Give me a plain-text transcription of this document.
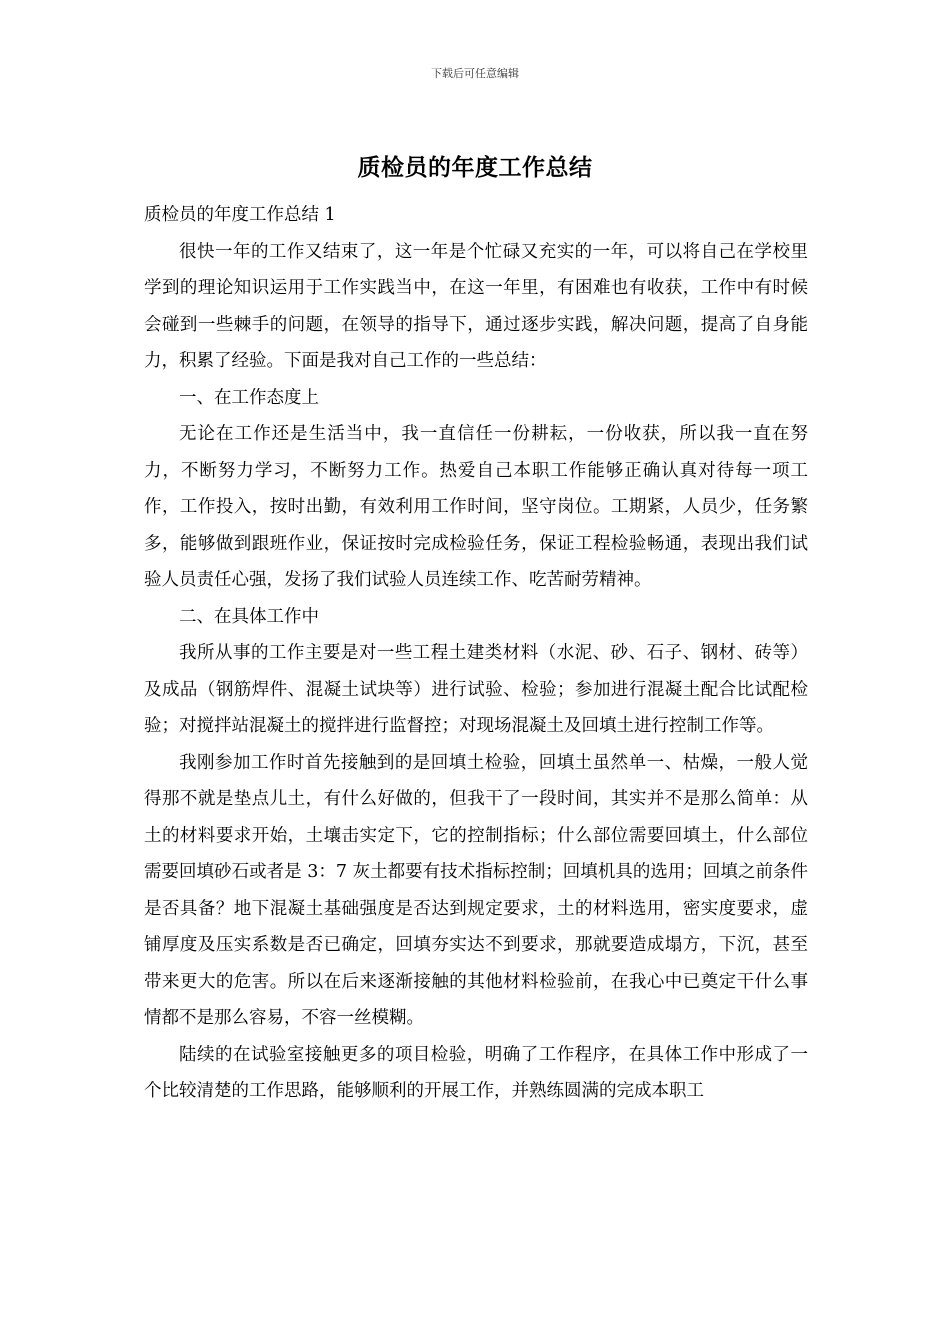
下载后可任意编辑
质检员的年度工作总结

质检员的年度工作总结 1

很快一年的工作又结束了，这一年是个忙碌又充实的一年，可以将自己在学校里学到的理论知识运用于工作实践当中，在这一年里，有困难也有收获，工作中有时候会碰到一些棘手的问题，在领导的指导下，通过逐步实践，解决问题，提高了自身能力，积累了经验。下面是我对自己工作的一些总结：

一、在工作态度上

无论在工作还是生活当中，我一直信任一份耕耘，一份收获，所以我一直在努力，不断努力学习，不断努力工作。热爱自己本职工作能够正确认真对待每一项工作，工作投入，按时出勤，有效利用工作时间，坚守岗位。工期紧，人员少，任务繁多，能够做到跟班作业，保证按时完成检验任务，保证工程检验畅通，表现出我们试验人员责任心强，发扬了我们试验人员连续工作、吃苦耐劳精神。

二、在具体工作中

我所从事的工作主要是对一些工程土建类材料（水泥、砂、石子、钢材、砖等）及成品（钢筋焊件、混凝土试块等）进行试验、检验；参加进行混凝土配合比试配检验；对搅拌站混凝土的搅拌进行监督控；对现场混凝土及回填土进行控制工作等。

我刚参加工作时首先接触到的是回填土检验，回填土虽然单一、枯燥，一般人觉得那不就是垫点儿土，有什么好做的，但我干了一段时间，其实并不是那么简单：从土的材料要求开始，土壤击实定下，它的控制指标；什么部位需要回填土，什么部位需要回填砂石或者是 3：7 灰土都要有技术指标控制；回填机具的选用；回填之前条件是否具备？地下混凝土基础强度是否达到规定要求，土的材料选用，密实度要求，虚铺厚度及压实系数是否已确定，回填夯实达不到要求，那就要造成塌方，下沉，甚至带来更大的危害。所以在后来逐渐接触的其他材料检验前，在我心中已奠定干什么事情都不是那么容易，不容一丝模糊。

陆续的在试验室接触更多的项目检验，明确了工作程序，在具体工作中形成了一个比较清楚的工作思路，能够顺利的开展工作，并熟练圆满的完成本职工
